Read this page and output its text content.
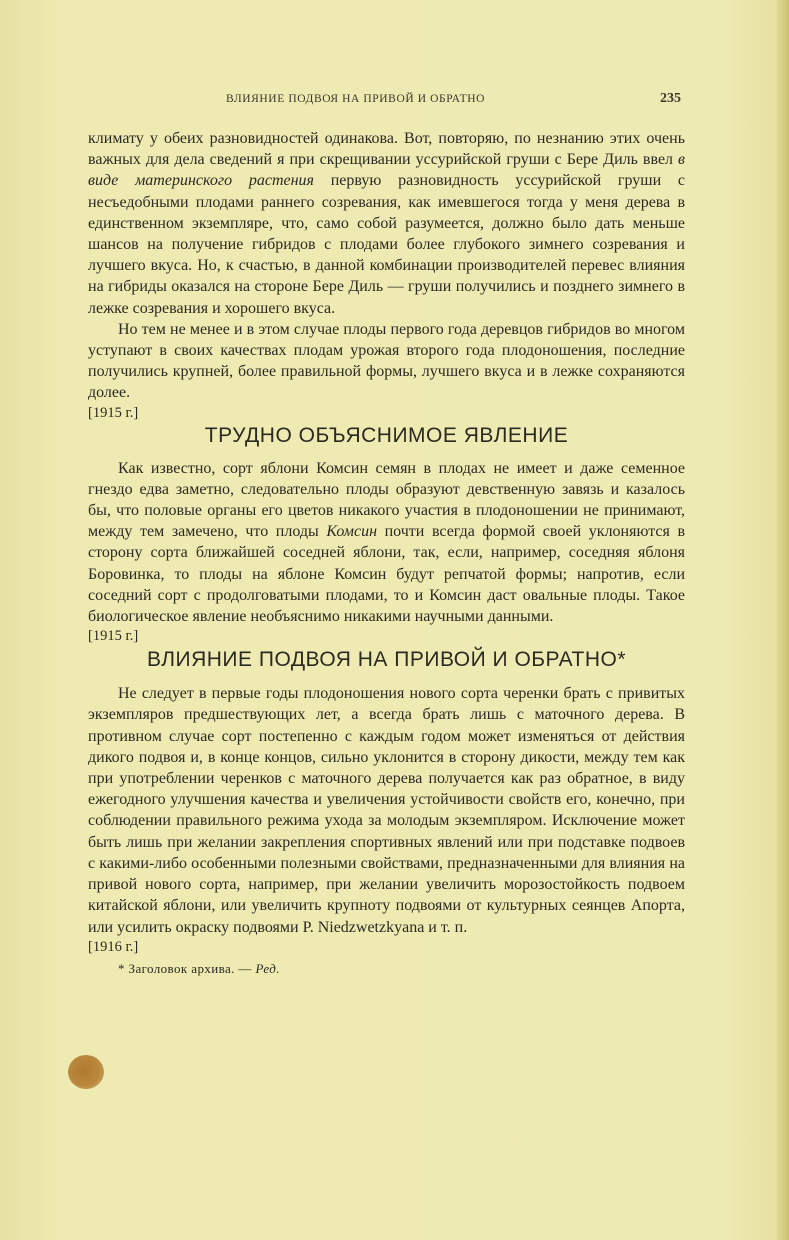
ВЛИЯНИЕ ПОДВОЯ НА ПРИВОЙ И ОБРАТНО	235

климату у обеих разновидностей одинакова. Вот, повторяю, по незнанию этих очень важных для дела сведений я при скрещивании уссурийской груши с Бере Диль ввел в виде материнского растения первую разновидность уссурийской груши с несъедобными плодами раннего созревания, как имевшегося тогда у меня дерева в единственном экземпляре, что, само собой разумеется, должно было дать меньше шансов на получение гибридов с плодами более глубокого зимнего созревания и лучшего вкуса. Но, к счастью, в данной комбинации производителей перевес влияния на гибриды оказался на стороне Бере Диль — груши получились и позднего зимнего в лежке созревания и хорошего вкуса.

Но тем не менее и в этом случае плоды первого года деревцов гибридов во многом уступают в своих качествах плодам урожая второго года плодоношения, последние получились крупней, более правильной формы, лучшего вкуса и в лежке сохраняются долее.

[1915 г.]

ТРУДНО ОБЪЯСНИМОЕ ЯВЛЕНИЕ

Как известно, сорт яблони Комсин семян в плодах не имеет и даже семенное гнездо едва заметно, следовательно плоды образуют девственную завязь и казалось бы, что половые органы его цветов никакого участия в плодоношении не принимают, между тем замечено, что плоды Комсин почти всегда формой своей уклоняются в сторону сорта ближайшей соседней яблони, так, если, например, соседняя яблоня Боровинка, то плоды на яблоне Комсин будут репчатой формы; напротив, если соседний сорт с продолговатыми плодами, то и Комсин даст овальные плоды. Такое биологическое явление необъяснимо никакими научными данными.

[1915 г.]

ВЛИЯНИЕ ПОДВОЯ НА ПРИВОЙ И ОБРАТНО*

Не следует в первые годы плодоношения нового сорта черенки брать с привитых экземпляров предшествующих лет, а всегда брать лишь с маточного дерева. В противном случае сорт постепенно с каждым годом может изменяться от действия дикого подвоя и, в конце концов, сильно уклонится в сторону дикости, между тем как при употреблении черенков с маточного дерева получается как раз обратное, в виду ежегодного улучшения качества и увеличения устойчивости свойств его, конечно, при соблюдении правильного режима ухода за молодым экземпляром. Исключение может быть лишь при желании закрепления спортивных явлений или при подставке подвоев с какими-либо особенными полезными свойствами, предназначенными для влияния на привой нового сорта, например, при желании увеличить морозостойкость подвоем китайской яблони, или увеличить крупноту подвоями от культурных сеянцев Апорта, или усилить окраску подвоями P. Niedzwetzkyana и т. п.

[1916 г.]

* Заголовок архива. — Ред.
